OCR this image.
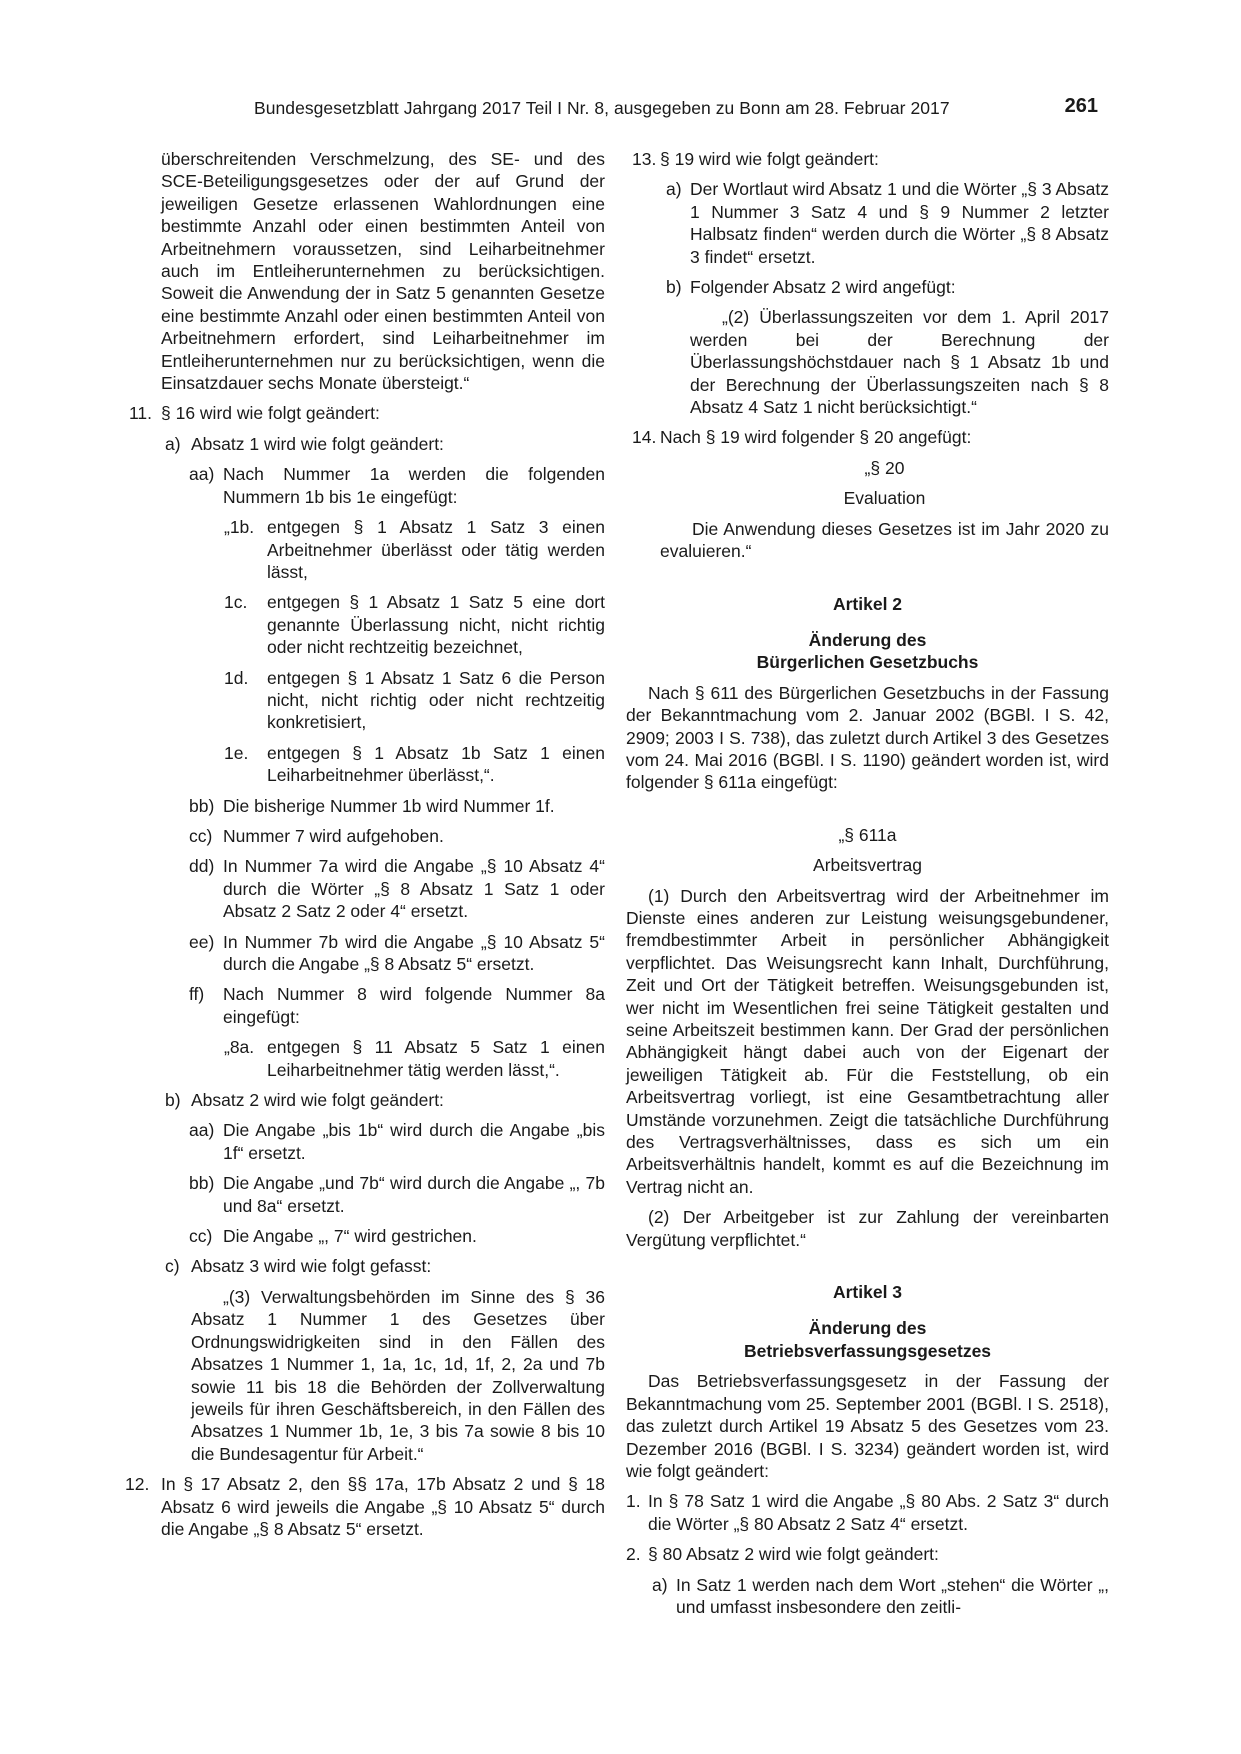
Bundesgesetzblatt Jahrgang 2017 Teil I Nr. 8, ausgegeben zu Bonn am 28. Februar 2017	261

überschreitenden Verschmelzung, des SE- und des SCE-Beteiligungsgesetzes oder der auf Grund der jeweiligen Gesetze erlassenen Wahlordnungen eine bestimmte Anzahl oder einen bestimmten Anteil von Arbeitnehmern voraussetzen, sind Leiharbeitnehmer auch im Entleiherunternehmen zu berücksichtigen. Soweit die Anwendung der in Satz 5 genannten Gesetze eine bestimmte Anzahl oder einen bestimmten Anteil von Arbeitnehmern erfordert, sind Leiharbeitnehmer im Entleiherunternehmen nur zu berücksichtigen, wenn die Einsatzdauer sechs Monate übersteigt.“

11. § 16 wird wie folgt geändert:
a) Absatz 1 wird wie folgt geändert:
aa) Nach Nummer 1a werden die folgenden Nummern 1b bis 1e eingefügt:
„1b. entgegen § 1 Absatz 1 Satz 3 einen Arbeitnehmer überlässt oder tätig werden lässt,
1c. entgegen § 1 Absatz 1 Satz 5 eine dort genannte Überlassung nicht, nicht richtig oder nicht rechtzeitig bezeichnet,
1d. entgegen § 1 Absatz 1 Satz 6 die Person nicht, nicht richtig oder nicht rechtzeitig konkretisiert,
1e. entgegen § 1 Absatz 1b Satz 1 einen Leiharbeitnehmer überlässt,“.
bb) Die bisherige Nummer 1b wird Nummer 1f.
cc) Nummer 7 wird aufgehoben.
dd) In Nummer 7a wird die Angabe „§ 10 Absatz 4“ durch die Wörter „§ 8 Absatz 1 Satz 1 oder Absatz 2 Satz 2 oder 4“ ersetzt.
ee) In Nummer 7b wird die Angabe „§ 10 Absatz 5“ durch die Angabe „§ 8 Absatz 5“ ersetzt.
ff) Nach Nummer 8 wird folgende Nummer 8a eingefügt:
„8a. entgegen § 11 Absatz 5 Satz 1 einen Leiharbeitnehmer tätig werden lässt,“.
b) Absatz 2 wird wie folgt geändert:
aa) Die Angabe „bis 1b“ wird durch die Angabe „bis 1f“ ersetzt.
bb) Die Angabe „und 7b“ wird durch die Angabe „, 7b und 8a“ ersetzt.
cc) Die Angabe „, 7“ wird gestrichen.
c) Absatz 3 wird wie folgt gefasst:

„(3) Verwaltungsbehörden im Sinne des § 36 Absatz 1 Nummer 1 des Gesetzes über Ordnungswidrigkeiten sind in den Fällen des Absatzes 1 Nummer 1, 1a, 1c, 1d, 1f, 2, 2a und 7b sowie 11 bis 18 die Behörden der Zollverwaltung jeweils für ihren Geschäftsbereich, in den Fällen des Absatzes 1 Nummer 1b, 1e, 3 bis 7a sowie 8 bis 10 die Bundesagentur für Arbeit.“

12. In § 17 Absatz 2, den §§ 17a, 17b Absatz 2 und § 18 Absatz 6 wird jeweils die Angabe „§ 10 Absatz 5“ durch die Angabe „§ 8 Absatz 5“ ersetzt.
13. § 19 wird wie folgt geändert:
a) Der Wortlaut wird Absatz 1 und die Wörter „§ 3 Absatz 1 Nummer 3 Satz 4 und § 9 Nummer 2 letzter Halbsatz finden“ werden durch die Wörter „§ 8 Absatz 3 findet“ ersetzt.
b) Folgender Absatz 2 wird angefügt:

„(2) Überlassungszeiten vor dem 1. April 2017 werden bei der Berechnung der Überlassungshöchstdauer nach § 1 Absatz 1b und der Berechnung der Überlassungszeiten nach § 8 Absatz 4 Satz 1 nicht berücksichtigt.“

14. Nach § 19 wird folgender § 20 angefügt:

„§ 20

Evaluation

Die Anwendung dieses Gesetzes ist im Jahr 2020 zu evaluieren.“

Artikel 2

Änderung des

Bürgerlichen Gesetzbuchs

Nach § 611 des Bürgerlichen Gesetzbuchs in der Fassung der Bekanntmachung vom 2. Januar 2002 (BGBl. I S. 42, 2909; 2003 I S. 738), das zuletzt durch Artikel 3 des Gesetzes vom 24. Mai 2016 (BGBl. I S. 1190) geändert worden ist, wird folgender § 611a eingefügt:

„§ 611a

Arbeitsvertrag

(1) Durch den Arbeitsvertrag wird der Arbeitnehmer im Dienste eines anderen zur Leistung weisungsgebundener, fremdbestimmter Arbeit in persönlicher Abhängigkeit verpflichtet. Das Weisungsrecht kann Inhalt, Durchführung, Zeit und Ort der Tätigkeit betreffen. Weisungsgebunden ist, wer nicht im Wesentlichen frei seine Tätigkeit gestalten und seine Arbeitszeit bestimmen kann. Der Grad der persönlichen Abhängigkeit hängt dabei auch von der Eigenart der jeweiligen Tätigkeit ab. Für die Feststellung, ob ein Arbeitsvertrag vorliegt, ist eine Gesamtbetrachtung aller Umstände vorzunehmen. Zeigt die tatsächliche Durchführung des Vertragsverhältnisses, dass es sich um ein Arbeitsverhältnis handelt, kommt es auf die Bezeichnung im Vertrag nicht an.

(2) Der Arbeitgeber ist zur Zahlung der vereinbarten Vergütung verpflichtet.“

Artikel 3

Änderung des

Betriebsverfassungsgesetzes

Das Betriebsverfassungsgesetz in der Fassung der Bekanntmachung vom 25. September 2001 (BGBl. I S. 2518), das zuletzt durch Artikel 19 Absatz 5 des Gesetzes vom 23. Dezember 2016 (BGBl. I S. 3234) geändert worden ist, wird wie folgt geändert:

1. In § 78 Satz 1 wird die Angabe „§ 80 Abs. 2 Satz 3“ durch die Wörter „§ 80 Absatz 2 Satz 4“ ersetzt.
2. § 80 Absatz 2 wird wie folgt geändert:
a) In Satz 1 werden nach dem Wort „stehen“ die Wörter „, und umfasst insbesondere den zeitli-
